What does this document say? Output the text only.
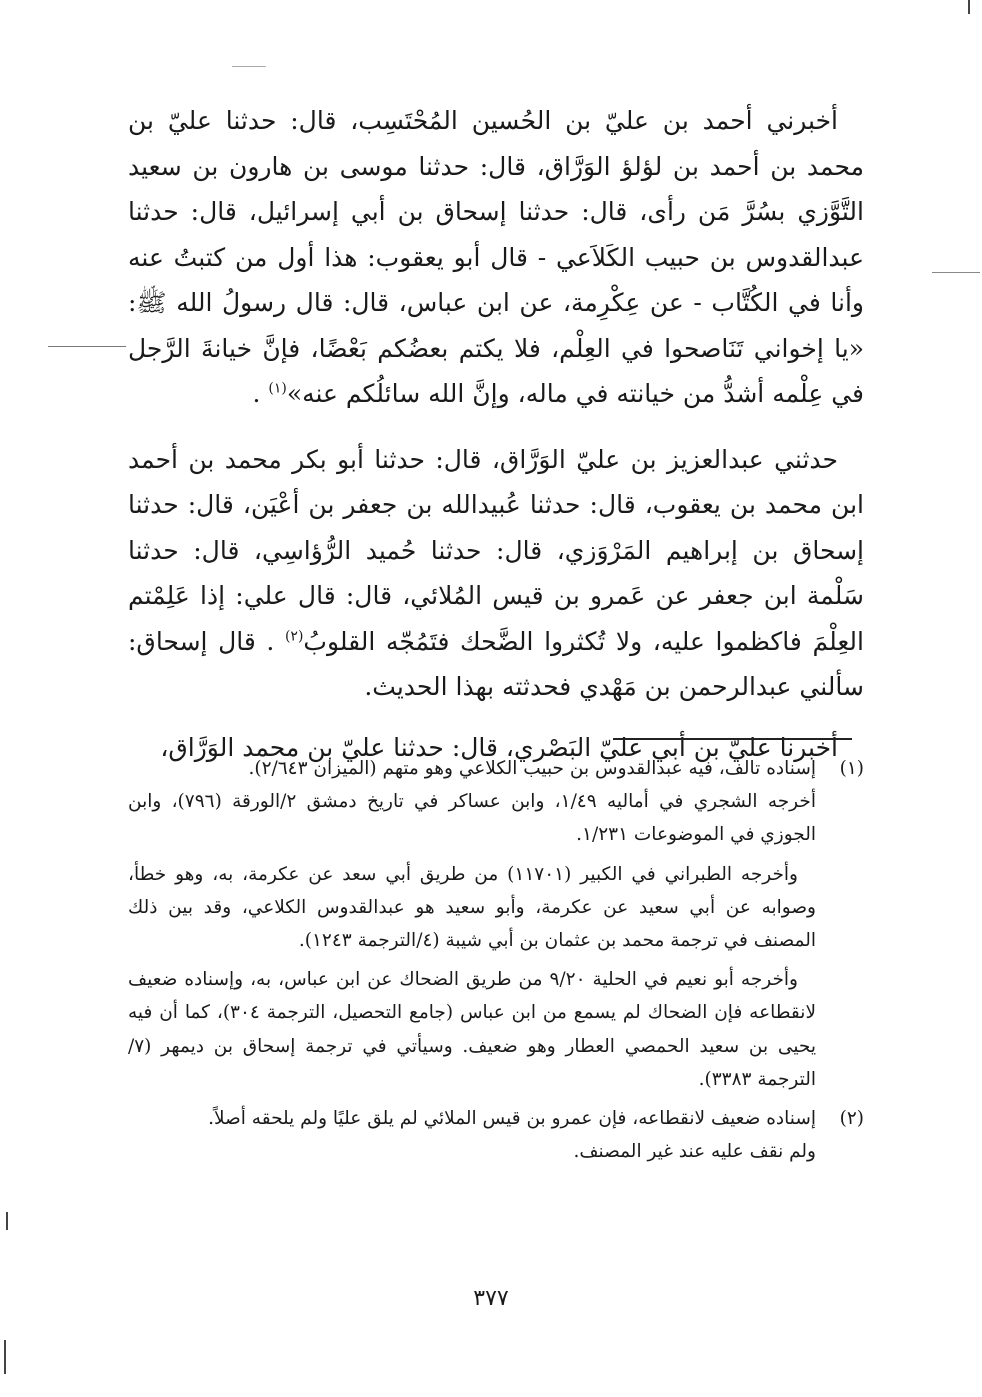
أخبرني أحمد بن عليّ بن الحُسين المُحْتَسِب، قال: حدثنا عليّ بن محمد بن أحمد بن لؤلؤ الوَرَّاق، قال: حدثنا موسى بن هارون بن سعيد التَّوَّزي بسُرَّ مَن رأى، قال: حدثنا إسحاق بن أبي إسرائيل، قال: حدثنا عبدالقدوس بن حبيب الكَلاَعي - قال أبو يعقوب: هذا أول من كتبتُ عنه وأنا في الكُتَّاب - عن عِكْرِمة، عن ابن عباس، قال: قال رسولُ الله ﷺ: «يا إخواني تَنَاصحوا في العِلْم، فلا يكتم بعضُكم بَعْضًا، فإنَّ خيانةَ الرَّجل في عِلْمه أشدُّ من خيانته في ماله، وإنَّ الله سائلُكم عنه»$^{(١)}$ .

حدثني عبدالعزيز بن عليّ الوَرَّاق، قال: حدثنا أبو بكر محمد بن أحمد ابن محمد بن يعقوب، قال: حدثنا عُبيدالله بن جعفر بن أعْيَن، قال: حدثنا إسحاق بن إبراهيم المَرْوَزي، قال: حدثنا حُميد الرُّؤاسِي، قال: حدثنا سَلْمة ابن جعفر عن عَمرو بن قيس المُلائي، قال: قال علي: إذا عَلِمْتم العِلْمَ فاكظموا عليه، ولا تُكثروا الضَّحك فتَمُجّه القلوبُ$^{(٢)}$ . قال إسحاق: سألني عبدالرحمن بن مَهْدي فحدثته بهذا الحديث.

أخبرنا عليّ بن أبي عليّ البَصْري، قال: حدثنا عليّ بن محمد الوَرَّاق،

(١)

إسناده تالف، فيه عبدالقدوس بن حبيب الكلاعي وهو متهم (الميزان ٢/٦٤٣).

أخرجه الشجري في أماليه ١/٤٩، وابن عساكر في تاريخ دمشق ٢/الورقة (٧٩٦)، وابن الجوزي في الموضوعات ١/٢٣١.

وأخرجه الطبراني في الكبير (١١٧٠١) من طريق أبي سعد عن عكرمة، به، وهو خطأ، وصوابه عن أبي سعيد عن عكرمة، وأبو سعيد هو عبدالقدوس الكلاعي، وقد بين ذلك المصنف في ترجمة محمد بن عثمان بن أبي شيبة (٤/الترجمة ١٢٤٣).

وأخرجه أبو نعيم في الحلية ٩/٢٠ من طريق الضحاك عن ابن عباس، به، وإسناده ضعيف لانقطاعه فإن الضحاك لم يسمع من ابن عباس (جامع التحصيل، الترجمة ٣٠٤)، كما أن فيه يحيى بن سعيد الحمصي العطار وهو ضعيف. وسيأتي في ترجمة إسحاق بن ديمهر (٧/الترجمة ٣٣٨٣).

(٢)

إسناده ضعيف لانقطاعه، فإن عمرو بن قيس الملائي لم يلق عليًا ولم يلحقه أصلاً.

ولم نقف عليه عند غير المصنف.

٣٧٧
